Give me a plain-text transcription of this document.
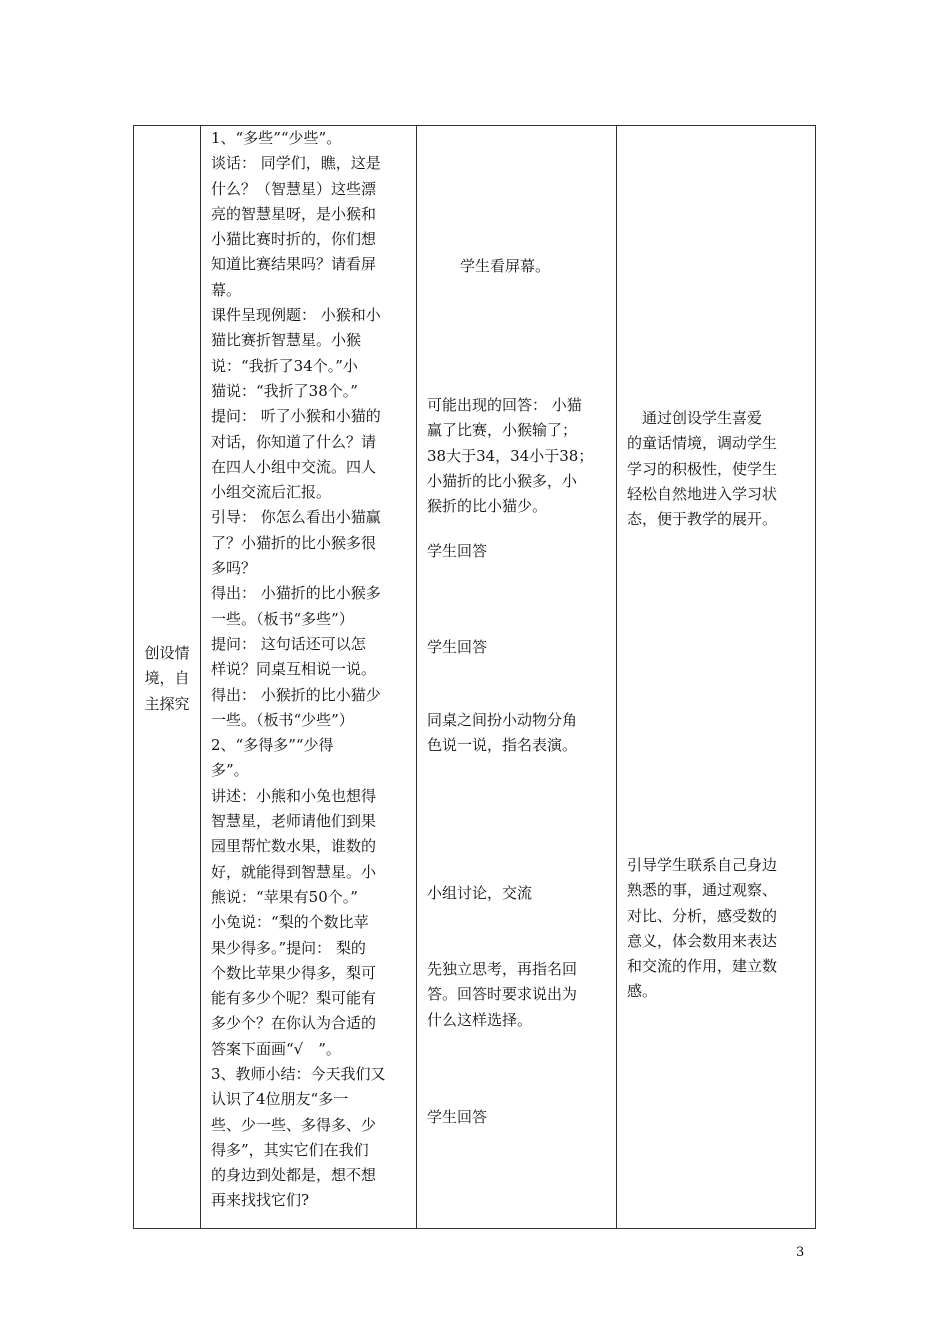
创设情
境，自
主探究
1、“多些”“少些”。
谈话： 同学们，瞧，这是
什么？（智慧星）这些漂
亮的智慧星呀，是小猴和
小猫比赛时折的，你们想
知道比赛结果吗？请看屏
幕。
课件呈现例题： 小猴和小
猫比赛折智慧星。小猴
说：“我折了34个。”小
猫说：“我折了38个。”
提问： 听了小猴和小猫的
对话，你知道了什么？请
在四人小组中交流。四人
小组交流后汇报。
引导： 你怎么看出小猫赢
了？小猫折的比小猴多很
多吗？
得出： 小猫折的比小猴多
一些。（板书“多些”）
提问： 这句话还可以怎
样说？同桌互相说一说。
得出： 小猴折的比小猫少
一些。（板书“少些”）
2、“多得多”“少得
多”。
讲述：小熊和小兔也想得
智慧星，老师请他们到果
园里帮忙数水果，谁数的
好，就能得到智慧星。小
熊说：“苹果有50个。”
小兔说：“梨的个数比苹
果少得多。”提问： 梨的
个数比苹果少得多，梨可
能有多少个呢？梨可能有
多少个？在你认为合适的
答案下面画“√　”。
3、教师小结：今天我们又
认识了4位朋友“多一
些、少一些、多得多、少
得多”，其实它们在我们
的身边到处都是，想不想
再来找找它们?
学生看屏幕。
可能出现的回答： 小猫
赢了比赛，小猴输了；
38大于34，34小于38；
小猫折的比小猴多，小
猴折的比小猫少。
学生回答
学生回答
同桌之间扮小动物分角
色说一说，指名表演。
小组讨论，交流
先独立思考，再指名回
答。回答时要求说出为
什么这样选择。
学生回答
　通过创设学生喜爱
的童话情境，调动学生
学习的积极性，使学生
轻松自然地进入学习状
态，便于教学的展开。
引导学生联系自己身边
熟悉的事，通过观察、
对比、分析，感受数的
意义，体会数用来表达
和交流的作用，建立数
感。
3
